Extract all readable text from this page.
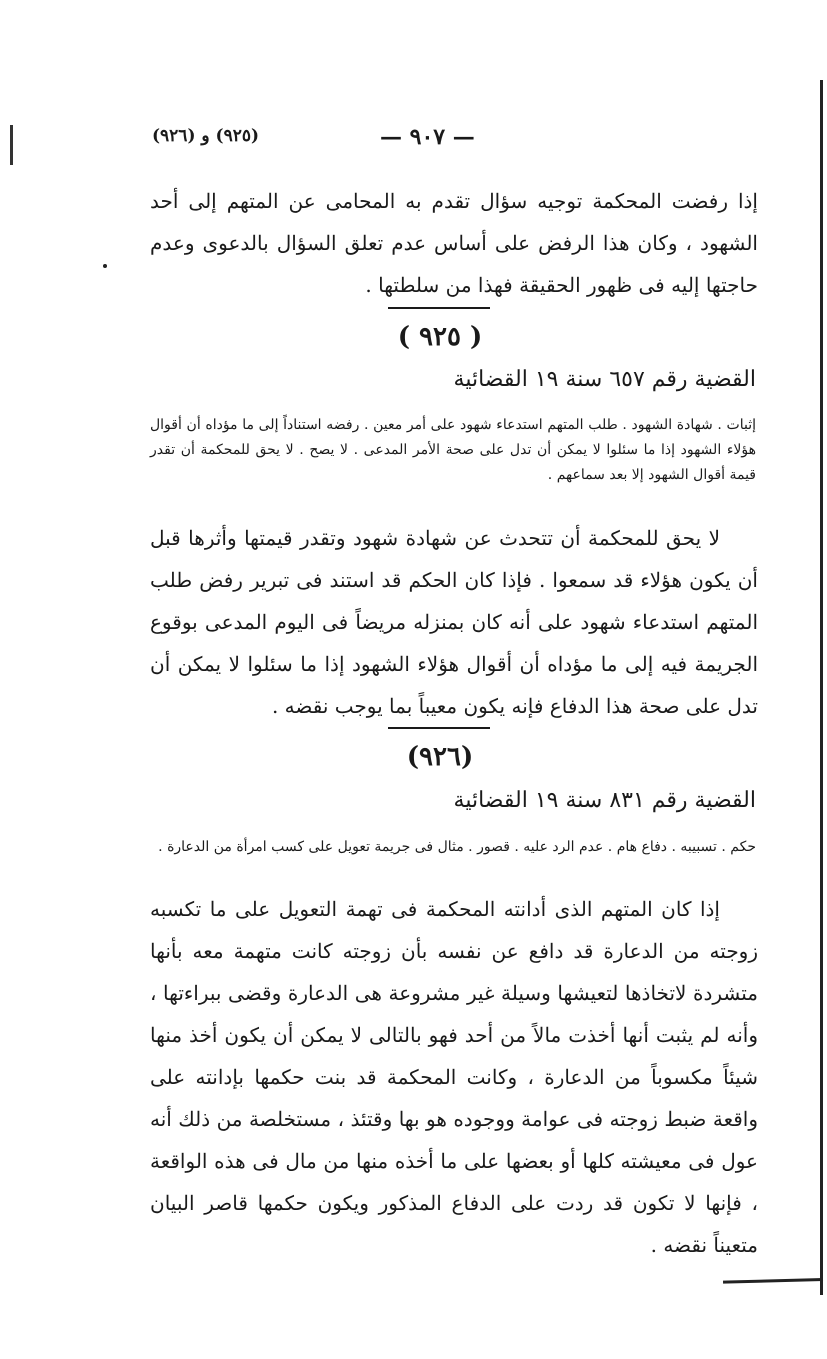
(٩٢٥) و (٩٢٦)	— ٩٠٧ —
إذا رفضت المحكمة توجيه سؤال تقدم به المحامى عن المتهم إلى أحد الشهود ، وكان هذا الرفض على أساس عدم تعلق السؤال بالدعوى وعدم حاجتها إليه فى ظهور الحقيقة فهذا من سلطتها .
( ٩٢٥ )
القضية رقم ٦٥٧ سنة ١٩ القضائية
إثبات . شهادة الشهود . طلب المتهم استدعاء شهود على أمر معين . رفضه استناداً إلى ما مؤداه أن أقوال هؤلاء الشهود إذا ما سئلوا لا يمكن أن تدل على صحة الأمر المدعى . لا يصح . لا يحق للمحكمة أن تقدر قيمة أقوال الشهود إلا بعد سماعهم .
لا يحق للمحكمة أن تتحدث عن شهادة شهود وتقدر قيمتها وأثرها قبل أن يكون هؤلاء قد سمعوا . فإذا كان الحكم قد استند فى تبرير رفض طلب المتهم استدعاء شهود على أنه كان بمنزله مريضاً فى اليوم المدعى بوقوع الجريمة فيه إلى ما مؤداه أن أقوال هؤلاء الشهود إذا ما سئلوا لا يمكن أن تدل على صحة هذا الدفاع فإنه يكون معيباً بما يوجب نقضه .
(٩٢٦)
القضية رقم ٨٣١ سنة ١٩ القضائية
حكم . تسبيبه . دفاع هام . عدم الرد عليه . قصور . مثال فى جريمة تعويل على كسب امرأة من الدعارة .
إذا كان المتهم الذى أدانته المحكمة فى تهمة التعويل على ما تكسبه زوجته من الدعارة قد دافع عن نفسه بأن زوجته كانت متهمة معه بأنها متشردة لاتخاذها لتعيشها وسيلة غير مشروعة هى الدعارة وقضى ببراءتها ، وأنه لم يثبت أنها أخذت مالاً من أحد فهو بالتالى لا يمكن أن يكون أخذ منها شيئاً مكسوباً من الدعارة ، وكانت المحكمة قد بنت حكمها بإدانته على واقعة ضبط زوجته فى عوامة ووجوده هو بها وقتئذ ، مستخلصة من ذلك أنه عول فى معيشته كلها أو بعضها على ما أخذه منها من مال فى هذه الواقعة ، فإنها لا تكون قد ردت على الدفاع المذكور ويكون حكمها قاصر البيان متعيناً نقضه .
